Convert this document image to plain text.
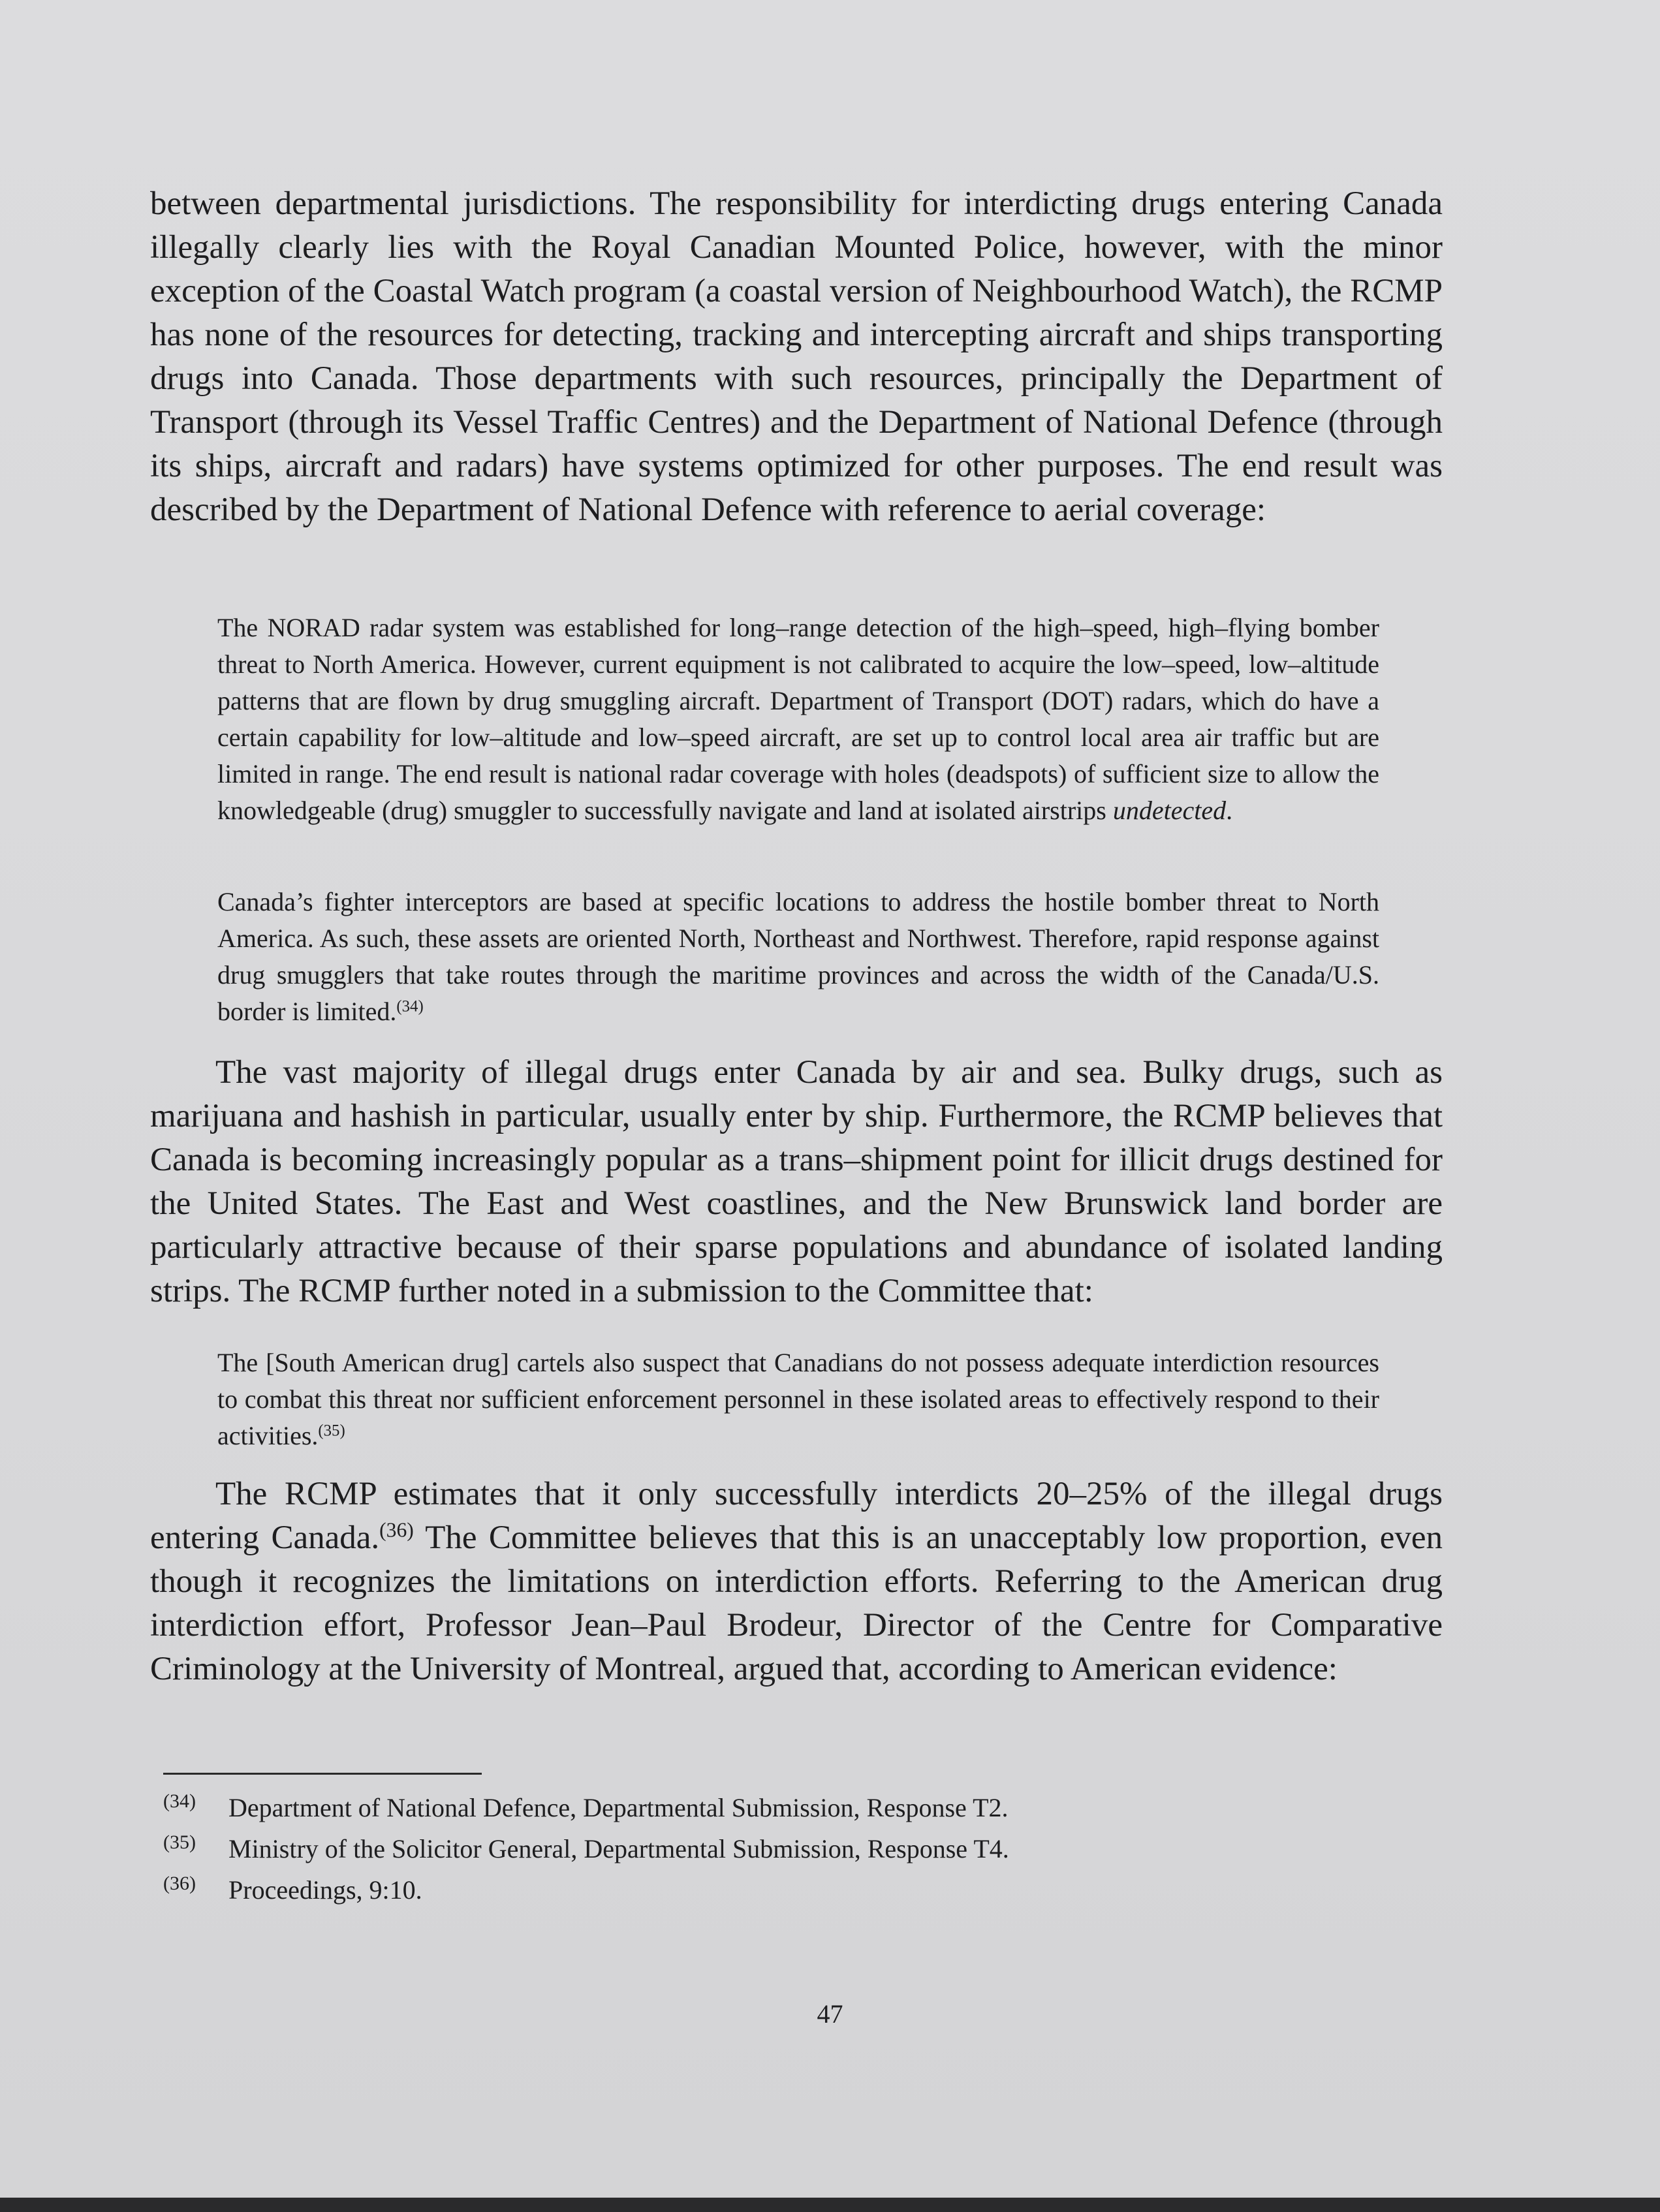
between departmental jurisdictions. The responsibility for interdicting drugs entering Canada illegally clearly lies with the Royal Canadian Mounted Police, however, with the minor exception of the Coastal Watch program (a coastal version of Neighbourhood Watch), the RCMP has none of the resources for detecting, tracking and intercepting aircraft and ships transporting drugs into Canada. Those departments with such resources, principally the Department of Transport (through its Vessel Traffic Centres) and the Department of National Defence (through its ships, aircraft and radars) have systems optimized for other purposes. The end result was described by the Department of National Defence with reference to aerial coverage:

The NORAD radar system was established for long–range detection of the high–speed, high–flying bomber threat to North America. However, current equipment is not calibrated to acquire the low–speed, low–altitude patterns that are flown by drug smuggling aircraft. Department of Transport (DOT) radars, which do have a certain capability for low–altitude and low–speed aircraft, are set up to control local area air traffic but are limited in range. The end result is national radar coverage with holes (deadspots) of sufficient size to allow the knowledgeable (drug) smuggler to successfully navigate and land at isolated airstrips undetected.

Canada’s fighter interceptors are based at specific locations to address the hostile bomber threat to North America. As such, these assets are oriented North, Northeast and Northwest. Therefore, rapid response against drug smugglers that take routes through the maritime provinces and across the width of the Canada/U.S. border is limited.$^{(34)}$

The vast majority of illegal drugs enter Canada by air and sea. Bulky drugs, such as marijuana and hashish in particular, usually enter by ship. Furthermore, the RCMP believes that Canada is becoming increasingly popular as a trans–shipment point for illicit drugs destined for the United States. The East and West coastlines, and the New Brunswick land border are particularly attractive because of their sparse populations and abundance of isolated landing strips. The RCMP further noted in a submission to the Committee that:

The [South American drug] cartels also suspect that Canadians do not possess adequate interdiction resources to combat this threat nor sufficient enforcement personnel in these isolated areas to effectively respond to their activities.$^{(35)}$

The RCMP estimates that it only successfully interdicts 20–25% of the illegal drugs entering Canada.$^{(36)}$ The Committee believes that this is an unacceptably low proportion, even though it recognizes the limitations on interdiction efforts. Referring to the American drug interdiction effort, Professor Jean–Paul Brodeur, Director of the Centre for Comparative Criminology at the University of Montreal, argued that, according to American evidence:

(34)	Department of National Defence, Departmental Submission, Response T2.
(35)	Ministry of the Solicitor General, Departmental Submission, Response T4.
(36)	Proceedings, 9:10.
47
